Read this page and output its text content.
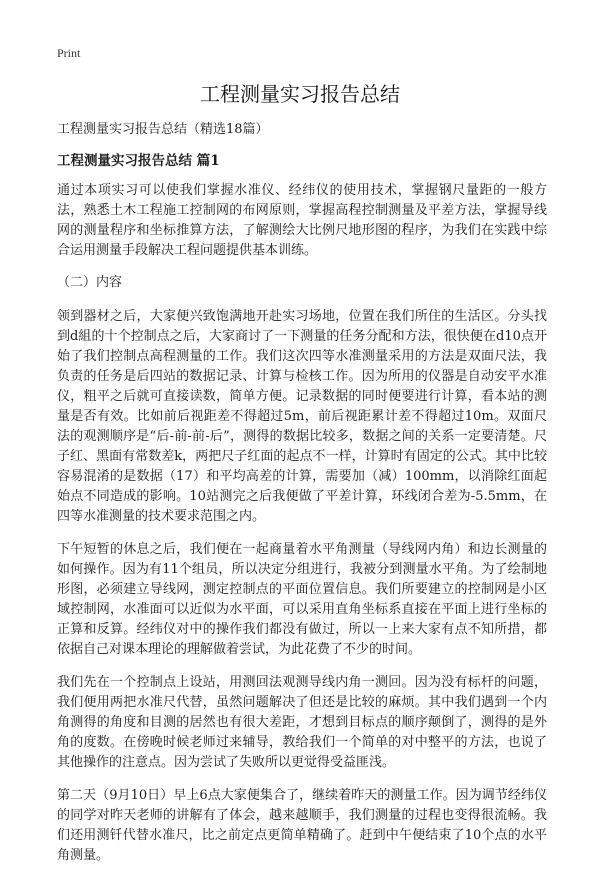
Print
工程测量实习报告总结

工程测量实习报告总结（精选18篇）

工程测量实习报告总结 篇1

通过本项实习可以使我们掌握水准仪、经纬仪的使用技术，掌握钢尺量距的一般方法，熟悉土木工程施工控制网的布网原则，掌握高程控制测量及平差方法，掌握导线网的测量程序和坐标推算方法，了解测绘大比例尺地形图的程序，为我们在实践中综合运用测量手段解决工程问题提供基本训练。

（二）内容

领到器材之后，大家便兴致饱满地开赴实习场地，位置在我们所住的生活区。分头找到d組的十个控制点之后，大家商讨了一下测量的任务分配和方法，很快便在d10点开始了我们控制点高程测量的工作。我们这次四等水准测量采用的方法是双面尺法，我负责的任务是后四站的数据记录、计算与检核工作。因为所用的仪器是自动安平水准仪，粗平之后就可直接读数，简单方便。记录数据的同时便要进行计算，看本站的测量是否有效。比如前后视距差不得超过5m，前后视距累计差不得超过10m。双面尺法的观测顺序是“后-前-前-后”，测得的数据比较多，数据之间的关系一定要清楚。尺子红、黑面有常数差k，两把尺子红面的起点不一样，计算时有固定的公式。其中比较容易混淆的是数据（17）和平均高差的计算，需要加（减）100mm，以消除红面起始点不同造成的影响。10站测完之后我便做了平差计算，环线闭合差为-5.5mm，在四等水准测量的技术要求范围之内。

下午短暂的休息之后，我们便在一起商量着水平角测量（导线网内角）和边长测量的如何操作。因为有11个组员，所以决定分组进行，我被分到测量水平角。为了绘制地形图，必须建立导线网，测定控制点的平面位置信息。我们所要建立的控制网是小区域控制网，水准面可以近似为水平面，可以采用直角坐标系直接在平面上进行坐标的正算和反算。经纬仪对中的操作我们都没有做过，所以一上来大家有点不知所措，都依据自己对课本理论的理解做着尝试，为此花费了不少的时间。

我们先在一个控制点上设站，用测回法观测导线内角一测回。因为没有标杆的问题，我们便用两把水准尺代替，虽然问题解决了但还是比较的麻烦。其中我们遇到一个内角测得的角度和目测的居然也有很大差距，才想到目标点的顺序颠倒了，测得的是外角的度数。在傍晚时候老师过来辅导，教给我们一个简单的对中整平的方法，也说了其他操作的注意点。因为尝试了失败所以更觉得受益匪浅。

第二天（9月10日）早上6点大家便集合了，继续着昨天的测量工作。因为调节经纬仪的同学对昨天老师的讲解有了体会，越来越顺手，我们测量的过程也变得很流畅。我们还用测钎代替水准尺，比之前定点更简单精确了。赶到中午便结束了10个点的水平角测量。
